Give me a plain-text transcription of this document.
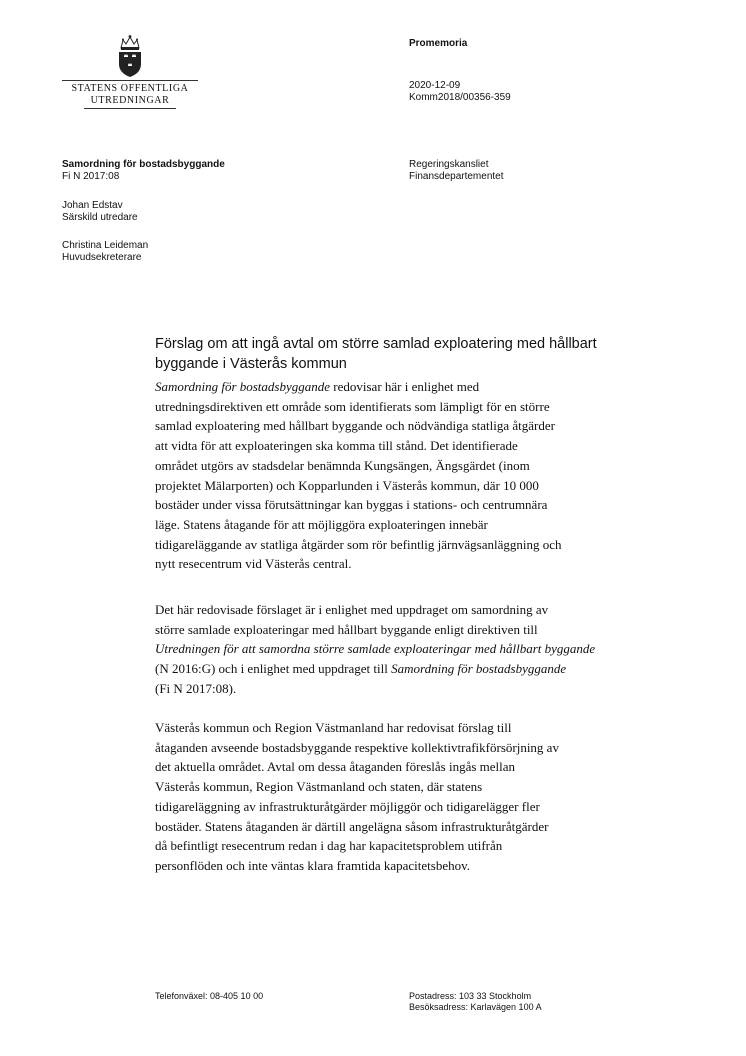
STATENS OFFENTLIGA
UTREDNINGAR
Promemoria
2020-12-09
Komm2018/00356-359
Samordning för bostadsbyggande
Fi N 2017:08
Johan Edstav
Särskild utredare
Christina Leideman
Huvudsekreterare
Regeringskansliet
Finansdepartementet
Förslag om att ingå avtal om större samlad exploatering med hållbart
byggande i Västerås kommun
Samordning för bostadsbyggande redovisar här i enlighet med
utredningsdirektiven ett område som identifierats som lämpligt för en större
samlad exploatering med hållbart byggande och nödvändiga statliga åtgärder
att vidta för att exploateringen ska komma till stånd. Det identifierade
området utgörs av stadsdelar benämnda Kungsängen, Ängsgärdet (inom
projektet Mälarporten) och Kopparlunden i Västerås kommun, där 10 000
bostäder under vissa förutsättningar kan byggas i stations- och centrumnära
läge. Statens åtagande för att möjliggöra exploateringen innebär
tidigareläggande av statliga åtgärder som rör befintlig järnvägsanläggning och
nytt resecentrum vid Västerås central.
Det här redovisade förslaget är i enlighet med uppdraget om samordning av
större samlade exploateringar med hållbart byggande enligt direktiven till
Utredningen för att samordna större samlade exploateringar med hållbart byggande
(N 2016:G) och i enlighet med uppdraget till Samordning för bostadsbyggande
(Fi N 2017:08).
Västerås kommun och Region Västmanland har redovisat förslag till
åtaganden avseende bostadsbyggande respektive kollektivtrafikförsörjning av
det aktuella området. Avtal om dessa åtaganden föreslås ingås mellan
Västerås kommun, Region Västmanland och staten, där statens
tidigareläggning av infrastrukturåtgärder möjliggör och tidigarelägger fler
bostäder. Statens åtaganden är därtill angelägna såsom infrastrukturåtgärder
då befintligt resecentrum redan i dag har kapacitetsproblem utifrån
personflöden och inte väntas klara framtida kapacitetsbehov.
Telefonväxel: 08-405 10 00	Postadress: 103 33 Stockholm
Besöksadress: Karlavägen 100 A
